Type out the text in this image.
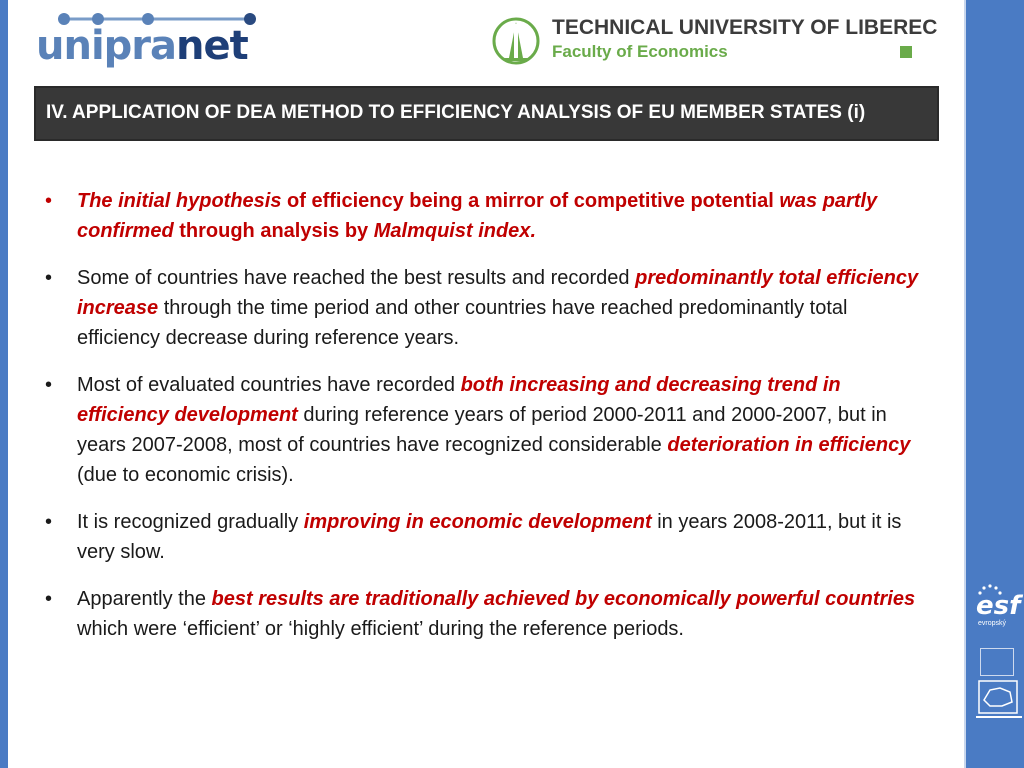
unipranet	TECHNICAL UNIVERSITY OF LIBEREC
Faculty of Economics
IV. APPLICATION OF DEA METHOD TO EFFICIENCY ANALYSIS OF EU MEMBER STATES (i)
• The initial hypothesis of efficiency being a mirror of competitive potential was partly confirmed through analysis by Malmquist index.
• Some of countries have reached the best results and recorded predominantly total efficiency increase through the time period and other countries have reached predominantly total efficiency decrease during reference years.
• Most of evaluated countries have recorded both increasing and decreasing trend in efficiency development during reference years of period 2000-2011 and 2000-2007, but in years 2007-2008, most of countries have recognized considerable deterioration in efficiency (due to economic crisis).
• It is recognized gradually improving in economic development in years 2008-2011, but it is very slow.
• Apparently the best results are traditionally achieved by economically powerful countries which were ‘efficient’ or ‘highly efficient’ during the reference periods.
esf
evropský
